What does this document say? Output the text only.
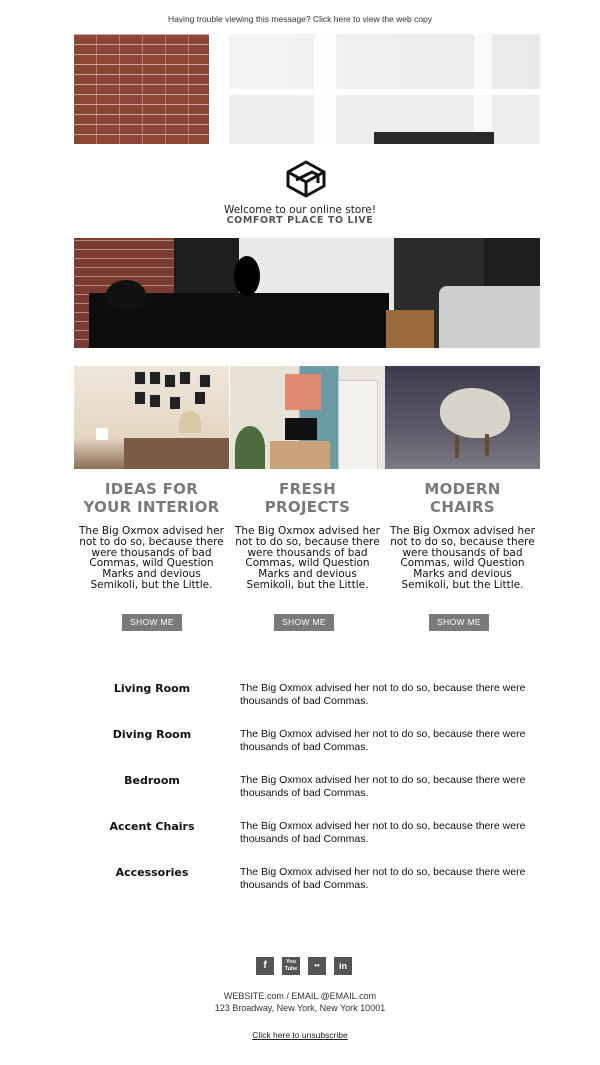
Having trouble viewing this message? Click here to view the web copy
Welcome to our online store!
COMFORT PLACE TO LIVE
IDEAS FOR
YOUR INTERIOR
FRESH
PROJECTS
MODERN
CHAIRS
The Big Oxmox advised her not to do so, because there were thousands of bad Commas, wild Question Marks and devious Semikoli, but the Little.
The Big Oxmox advised her not to do so, because there were thousands of bad Commas, wild Question Marks and devious Semikoli, but the Little.
The Big Oxmox advised her not to do so, because there were thousands of bad Commas, wild Question Marks and devious Semikoli, but the Little.
SHOW ME	SHOW ME	SHOW ME
Living Room	The Big Oxmox advised her not to do so, because there were thousands of bad Commas.
Diving Room	The Big Oxmox advised her not to do so, because there were thousands of bad Commas.
Bedroom	The Big Oxmox advised her not to do so, because there were thousands of bad Commas.
Accent Chairs	The Big Oxmox advised her not to do so, because there were thousands of bad Commas.
Accessories	The Big Oxmox advised her not to do so, because there were thousands of bad Commas.
f	You
Tube	••	in
WEBSITE.com / EMAIL @EMAIL.com
123 Broadway, New York, New York 10001
Click here to unsubscribe
